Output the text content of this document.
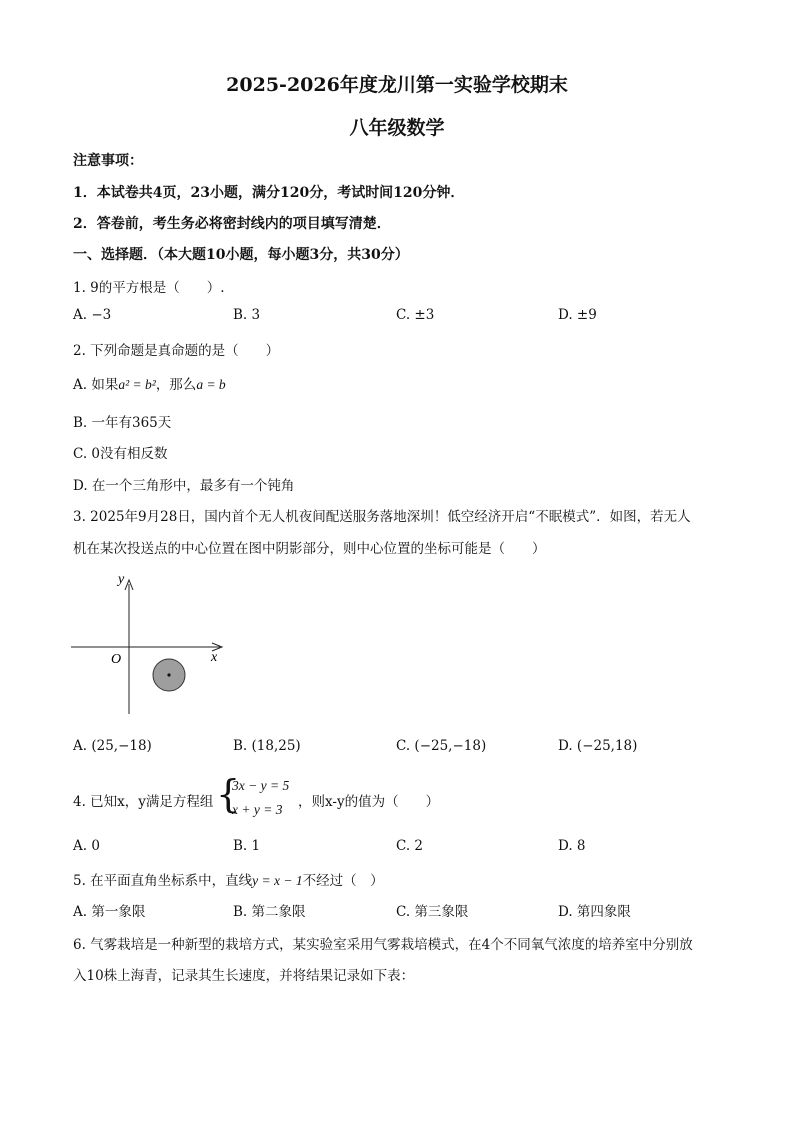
2025-2026年度龙川第一实验学校期末
八年级数学
注意事项：
1．本试卷共4页，23小题，满分120分，考试时间120分钟．
2．答卷前，考生务必将密封线内的项目填写清楚．
一、选择题．（本大题10小题，每小题3分，共30分）
1. 9的平方根是（　　）.
A. −3	B. 3	C. ±3	D. ±9
2. 下列命题是真命题的是（　　）
A. 如果a² = b²，那么a = b
B. 一年有365天
C. 0没有相反数
D. 在一个三角形中，最多有一个钝角
3. 2025年9月28日，国内首个无人机夜间配送服务落地深圳！低空经济开启“不眠模式”．如图，若无人
机在某次投送点的中心位置在图中阴影部分，则中心位置的坐标可能是（　　）
y
x
O
A. (25,−18)	B. (18,25)	C. (−25,−18)	D. (−25,18)
4. 已知x，y满足方程组 {
3x − y = 5
x + y = 3 ，则x-y的值为（　　）
A. 0	B. 1	C. 2	D. 8
5. 在平面直角坐标系中，直线y = x − 1不经过（　）
A. 第一象限	B. 第二象限	C. 第三象限	D. 第四象限
6. 气雾栽培是一种新型的栽培方式，某实验室采用气雾栽培模式，在4个不同氧气浓度的培养室中分别放
入10株上海青，记录其生长速度，并将结果记录如下表：
